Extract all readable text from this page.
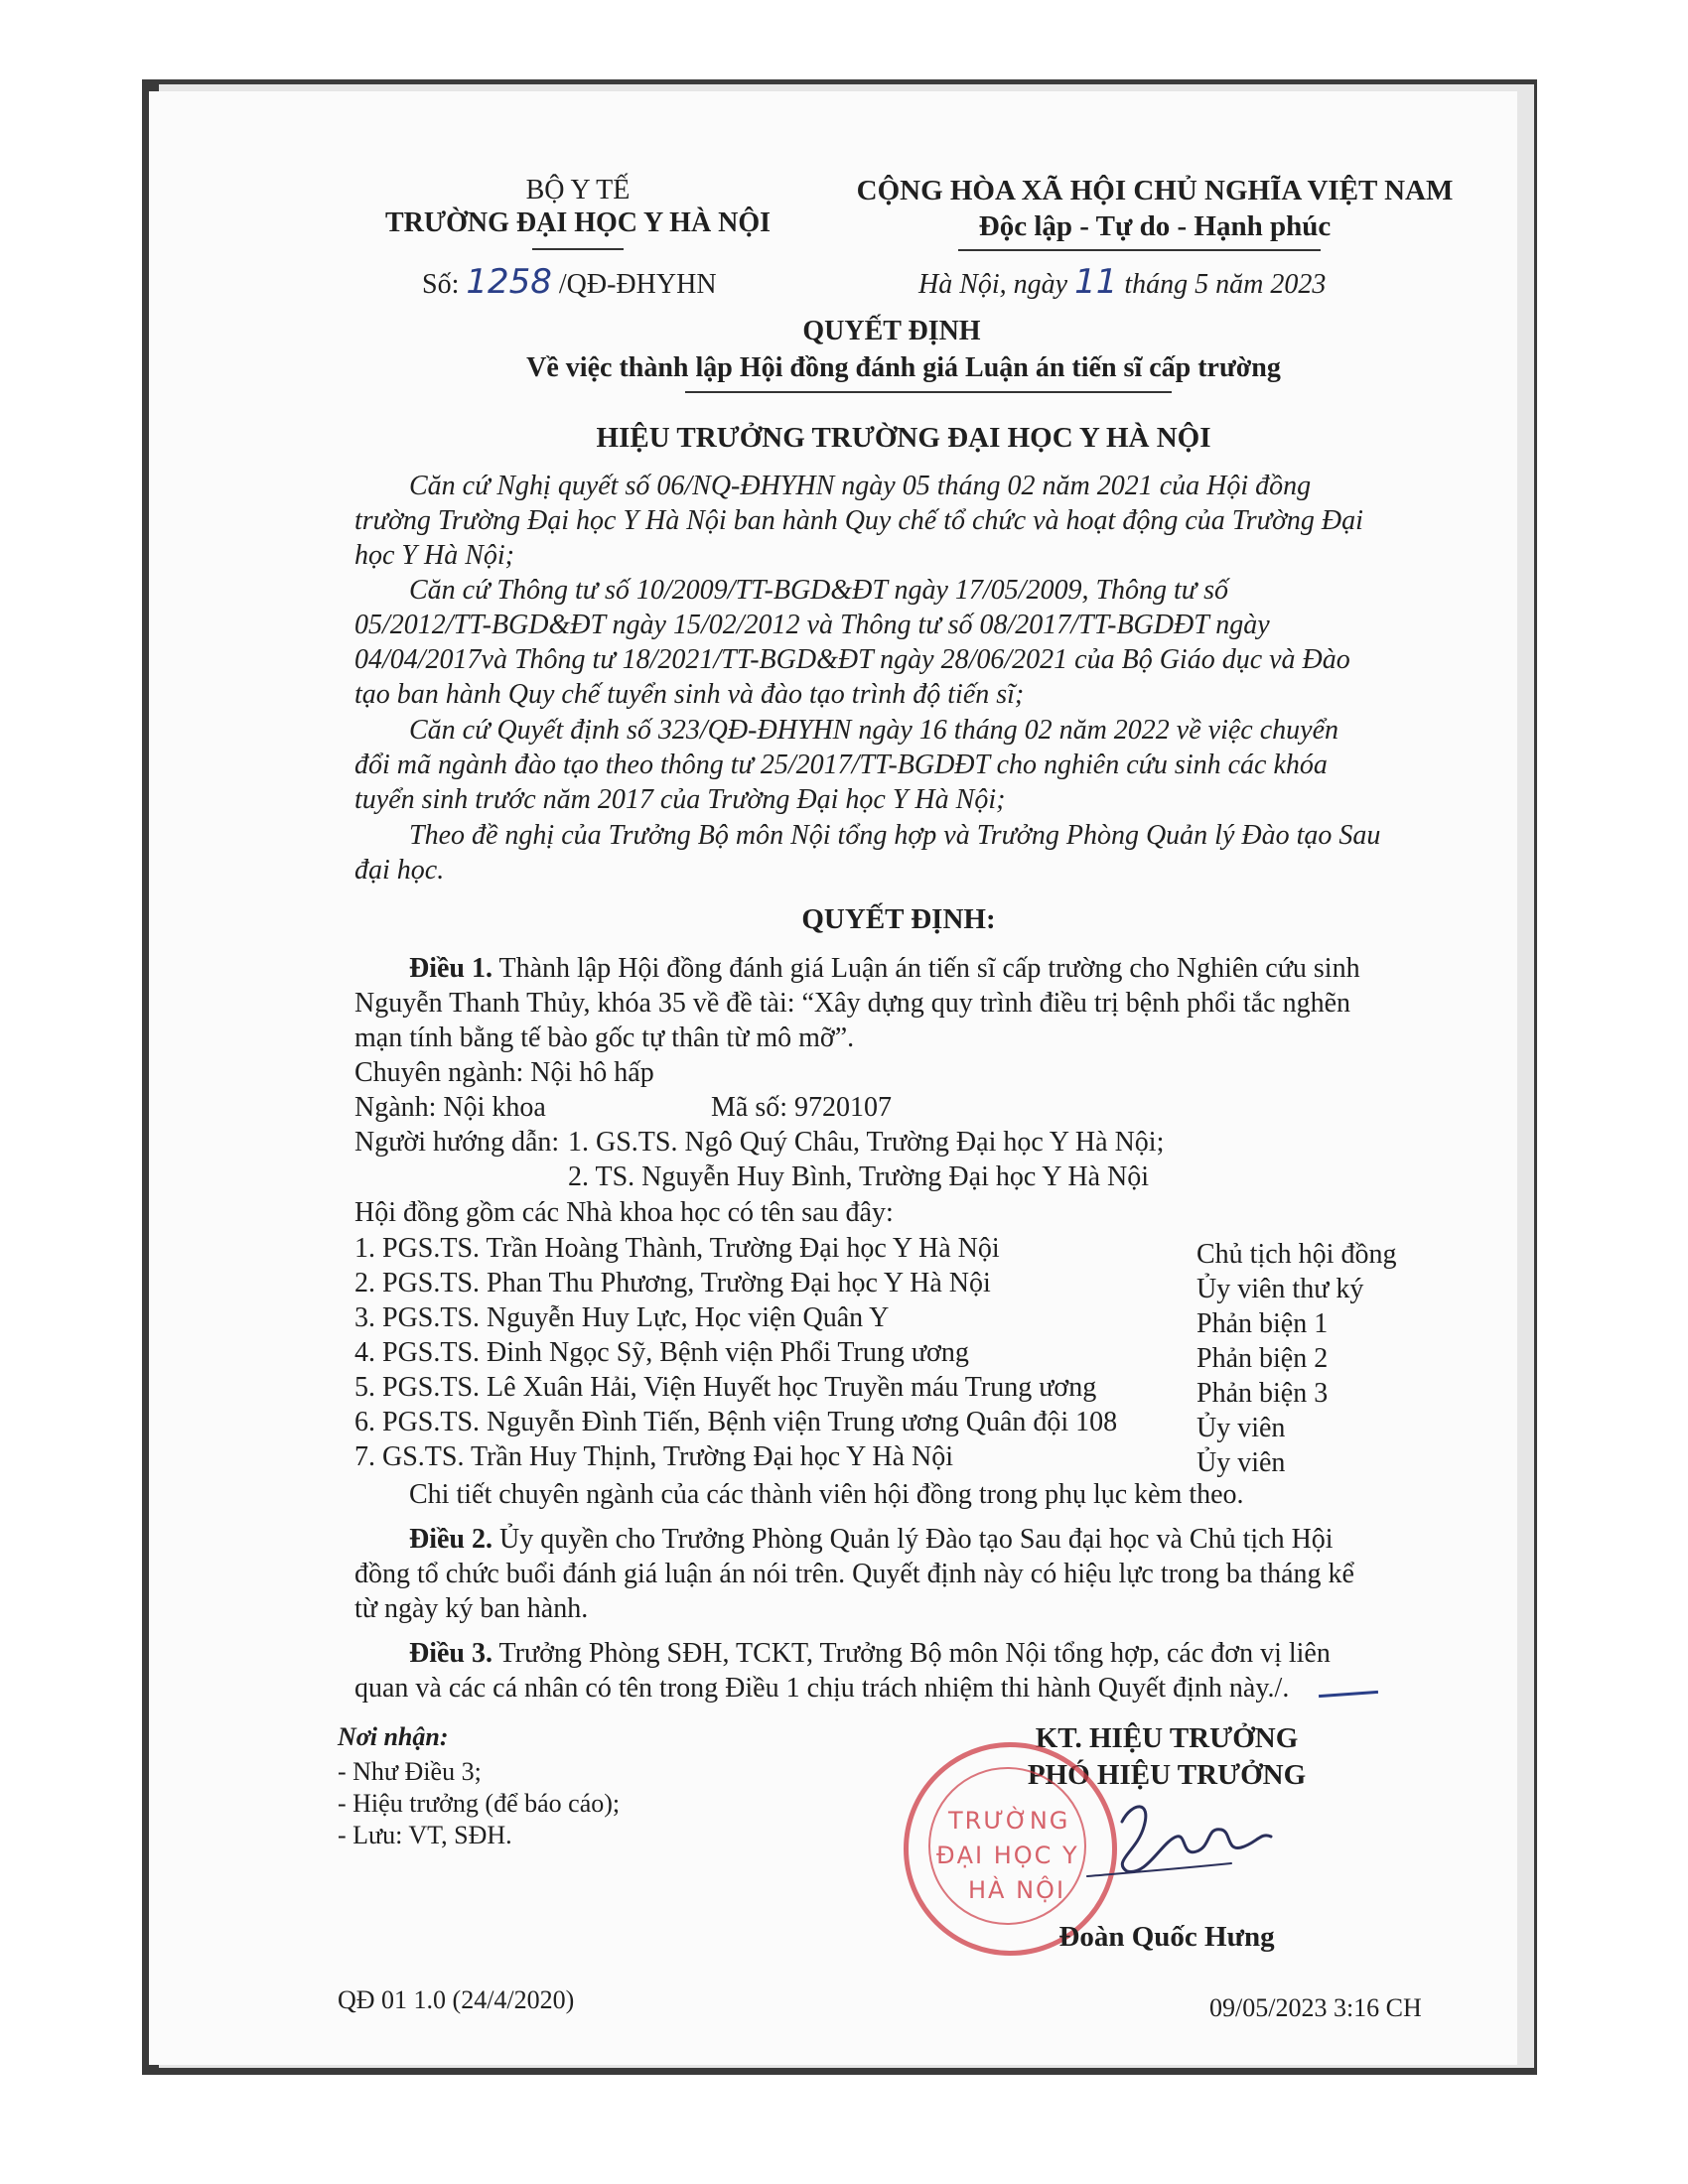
BỘ Y TẾ
TRƯỜNG ĐẠI HỌC Y HÀ NỘI
Số: 1258 /QĐ-ĐHYHN
CỘNG HÒA XÃ HỘI CHỦ NGHĨA VIỆT NAM
Độc lập - Tự do - Hạnh phúc
Hà Nội, ngày 11 tháng 5 năm 2023
QUYẾT ĐỊNH
Về việc thành lập Hội đồng đánh giá Luận án tiến sĩ cấp trường
HIỆU TRƯỞNG TRƯỜNG ĐẠI HỌC Y HÀ NỘI
Căn cứ Nghị quyết số 06/NQ-ĐHYHN ngày 05 tháng 02 năm 2021 của Hội đồng
trường Trường Đại học Y Hà Nội ban hành Quy chế tổ chức và hoạt động của Trường Đại
học Y Hà Nội;
Căn cứ Thông tư số 10/2009/TT-BGD&ĐT ngày 17/05/2009, Thông tư số
05/2012/TT-BGD&ĐT ngày 15/02/2012 và Thông tư số 08/2017/TT-BGDĐT ngày
04/04/2017và Thông tư 18/2021/TT-BGD&ĐT ngày 28/06/2021 của Bộ Giáo dục và Đào
tạo ban hành Quy chế tuyển sinh và đào tạo trình độ tiến sĩ;
Căn cứ Quyết định số 323/QĐ-ĐHYHN ngày 16 tháng 02 năm 2022 về việc chuyển
đổi mã ngành đào tạo theo thông tư 25/2017/TT-BGDĐT cho nghiên cứu sinh các khóa
tuyển sinh trước năm 2017 của Trường Đại học Y Hà Nội;
Theo đề nghị của Trưởng Bộ môn Nội tổng hợp và Trưởng Phòng Quản lý Đào tạo Sau
đại học.
QUYẾT ĐỊNH:
Điều 1. Thành lập Hội đồng đánh giá Luận án tiến sĩ cấp trường cho Nghiên cứu sinh
Nguyễn Thanh Thủy, khóa 35 về đề tài: “Xây dựng quy trình điều trị bệnh phổi tắc nghẽn
mạn tính bằng tế bào gốc tự thân từ mô mỡ”.
Chuyên ngành: Nội hô hấp
Ngành: Nội khoa	Mã số: 9720107
Người hướng dẫn: 1. GS.TS. Ngô Quý Châu, Trường Đại học Y Hà Nội;
2. TS. Nguyễn Huy Bình, Trường Đại học Y Hà Nội
Hội đồng gồm các Nhà khoa học có tên sau đây:
1. PGS.TS. Trần Hoàng Thành, Trường Đại học Y Hà Nội	Chủ tịch hội đồng
2. PGS.TS. Phan Thu Phương, Trường Đại học Y Hà Nội	Ủy viên thư ký
3. PGS.TS. Nguyễn Huy Lực, Học viện Quân Y	Phản biện 1
4. PGS.TS. Đinh Ngọc Sỹ, Bệnh viện Phổi Trung ương	Phản biện 2
5. PGS.TS. Lê Xuân Hải, Viện Huyết học Truyền máu Trung ương	Phản biện 3
6. PGS.TS. Nguyễn Đình Tiến, Bệnh viện Trung ương Quân đội 108	Ủy viên
7. GS.TS. Trần Huy Thịnh, Trường Đại học Y Hà Nội	Ủy viên
Chi tiết chuyên ngành của các thành viên hội đồng trong phụ lục kèm theo.
Điều 2. Ủy quyền cho Trưởng Phòng Quản lý Đào tạo Sau đại học và Chủ tịch Hội
đồng tổ chức buổi đánh giá luận án nói trên. Quyết định này có hiệu lực trong ba tháng kể
từ ngày ký ban hành.
Điều 3. Trưởng Phòng SĐH, TCKT, Trưởng Bộ môn Nội tổng hợp, các đơn vị liên
quan và các cá nhân có tên trong Điều 1 chịu trách nhiệm thi hành Quyết định này./.
Nơi nhận:
- Như Điều 3;
- Hiệu trưởng (để báo cáo);
- Lưu: VT, SĐH.
KT. HIỆU TRƯỞNG
PHÓ HIỆU TRƯỞNG
TRƯỜNG
ĐẠI HỌC Y
HÀ NỘI
Đoàn Quốc Hưng
QĐ 01 1.0 (24/4/2020)	09/05/2023 3:16 CH
